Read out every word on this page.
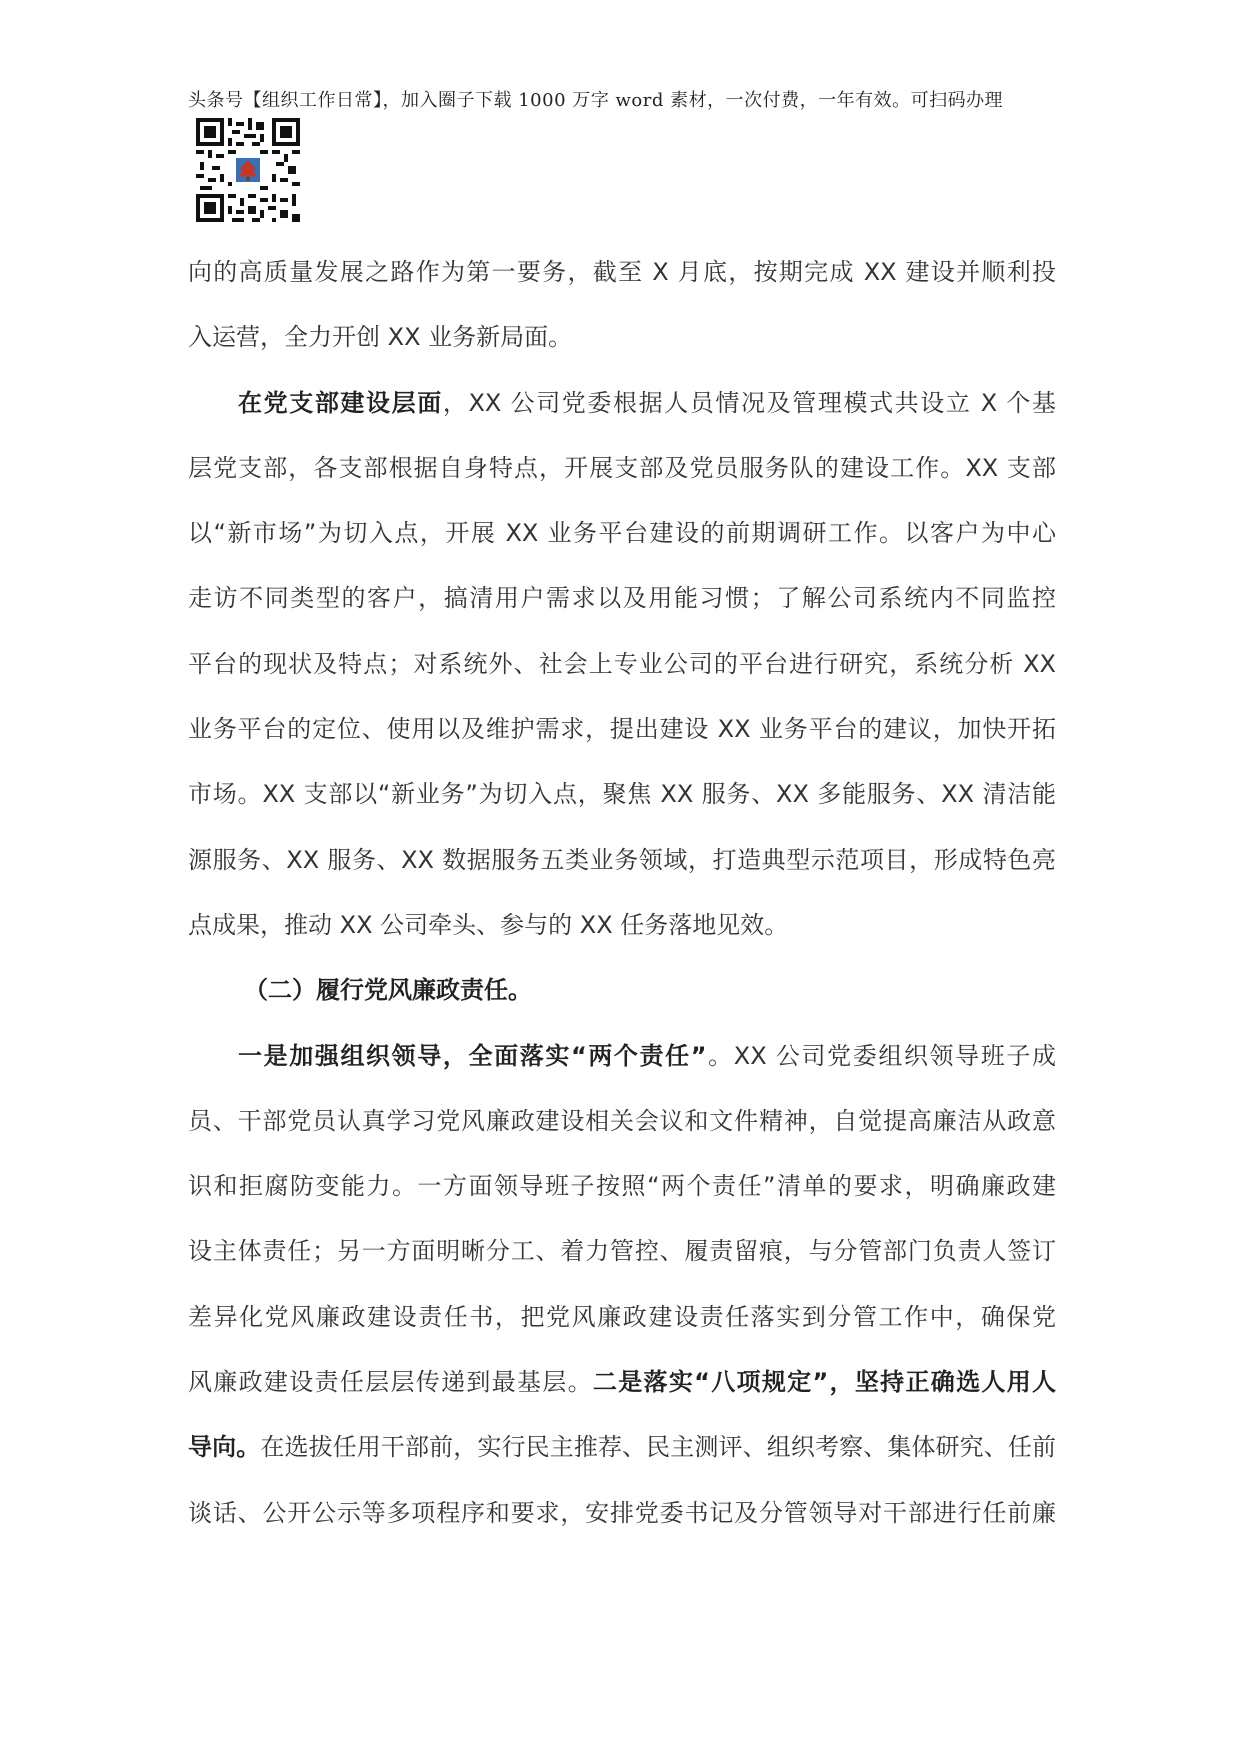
头条号【组织工作日常】，加入圈子下载 1000 万字 word 素材，一次付费，一年有效。可扫码办理

向的高质量发展之路作为第一要务，截至 X 月底，按期完成 XX 建设并顺利投
入运营，全力开创 XX 业务新局面。

在党支部建设层面，XX 公司党委根据人员情况及管理模式共设立 X 个基
层党支部，各支部根据自身特点，开展支部及党员服务队的建设工作。XX 支部
以“新市场”为切入点，开展 XX 业务平台建设的前期调研工作。以客户为中心
走访不同类型的客户，搞清用户需求以及用能习惯；了解公司系统内不同监控
平台的现状及特点；对系统外、社会上专业公司的平台进行研究，系统分析 XX
业务平台的定位、使用以及维护需求，提出建设 XX 业务平台的建议，加快开拓
市场。XX 支部以“新业务”为切入点，聚焦 XX 服务、XX 多能服务、XX 清洁能
源服务、XX 服务、XX 数据服务五类业务领域，打造典型示范项目，形成特色亮
点成果，推动 XX 公司牵头、参与的 XX 任务落地见效。

（二）履行党风廉政责任。

一是加强组织领导，全面落实“两个责任”。XX 公司党委组织领导班子成
员、干部党员认真学习党风廉政建设相关会议和文件精神，自觉提高廉洁从政意
识和拒腐防变能力。一方面领导班子按照“两个责任”清单的要求，明确廉政建
设主体责任；另一方面明晰分工、着力管控、履责留痕，与分管部门负责人签订
差异化党风廉政建设责任书，把党风廉政建设责任落实到分管工作中，确保党
风廉政建设责任层层传递到最基层。二是落实“八项规定”，坚持正确选人用人
导向。在选拔任用干部前，实行民主推荐、民主测评、组织考察、集体研究、任前
谈话、公开公示等多项程序和要求，安排党委书记及分管领导对干部进行任前廉
